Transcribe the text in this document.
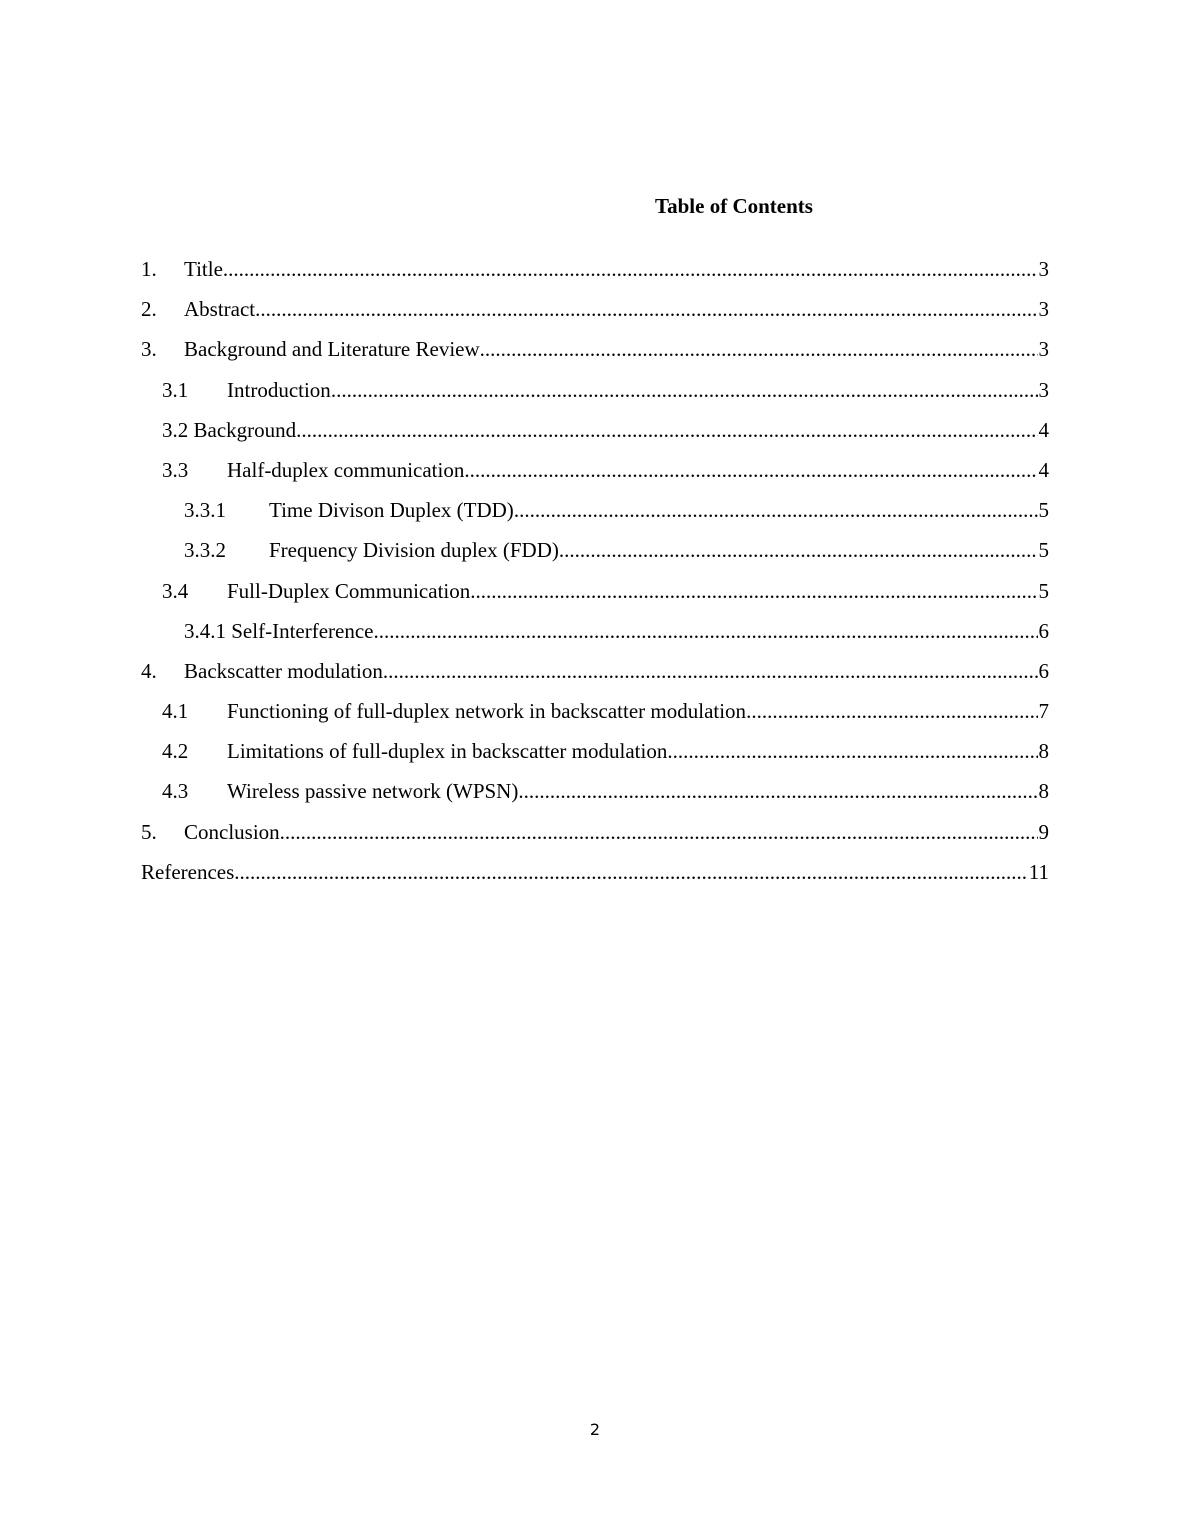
Table of Contents
1.	Title .....	3
2.	Abstract .....	3
3.	Background and Literature Review .....	3
3.1	Introduction .....	3
3.2 Background .....	4
3.3	Half-duplex communication .....	4
3.3.1	Time Divison Duplex (TDD) .....	5
3.3.2	Frequency Division duplex (FDD) .....	5
3.4	Full-Duplex Communication .....	5
3.4.1 Self-Interference .....	6
4.	Backscatter modulation .....	6
4.1	Functioning of full-duplex network in backscatter modulation .....	7
4.2	Limitations of full-duplex in backscatter modulation .....	8
4.3	Wireless passive network (WPSN) .....	8
5.	Conclusion .....	9
References .....	11
2
